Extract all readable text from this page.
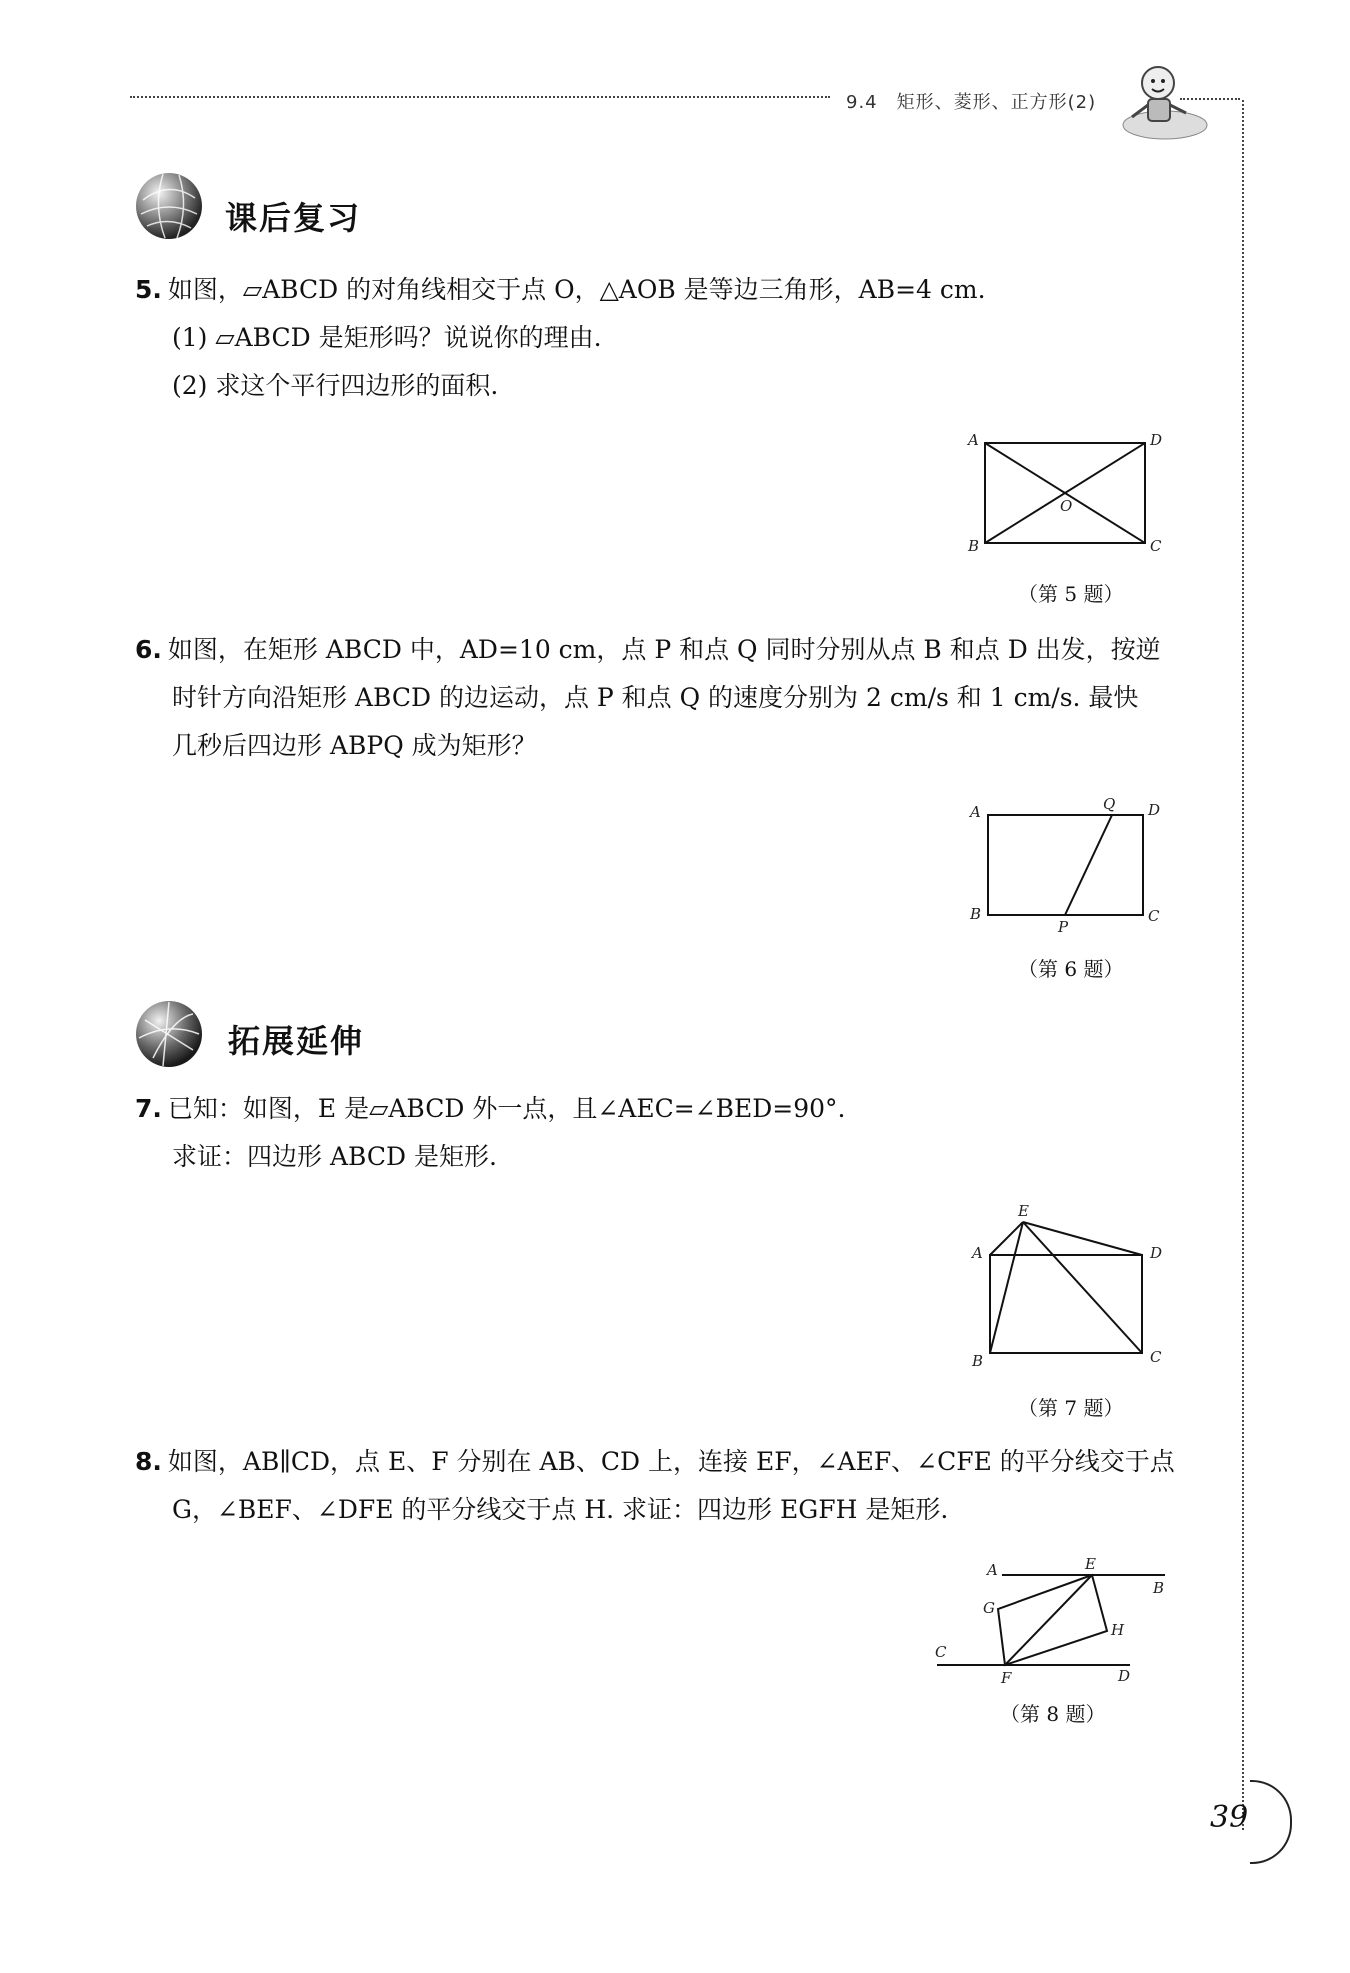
9.4　矩形、菱形、正方形(2)
课后复习
5. 如图，▱ABCD 的对角线相交于点 O，△AOB 是等边三角形，AB=4 cm.
(1) ▱ABCD 是矩形吗？说说你的理由.
(2) 求这个平行四边形的面积.
A	D
B	C
O
（第 5 题）
6. 如图，在矩形 ABCD 中，AD=10 cm，点 P 和点 Q 同时分别从点 B 和点 D 出发，按逆
时针方向沿矩形 ABCD 的边运动，点 P 和点 Q 的速度分别为 2 cm/s 和 1 cm/s. 最快
几秒后四边形 ABPQ 成为矩形？
A	Q D
B
P
C
（第 6 题）
拓展延伸
7. 已知：如图，E 是▱ABCD 外一点，且∠AEC=∠BED=90°.
求证：四边形 ABCD 是矩形.
E
A	D
B	C
（第 7 题）
8. 如图，AB∥CD，点 E、F 分别在 AB、CD 上，连接 EF，∠AEF、∠CFE 的平分线交于点
G，∠BEF、∠DFE 的平分线交于点 H. 求证：四边形 EGFH 是矩形.
A	E
B
G
H
C
F	D
（第 8 题）
39
